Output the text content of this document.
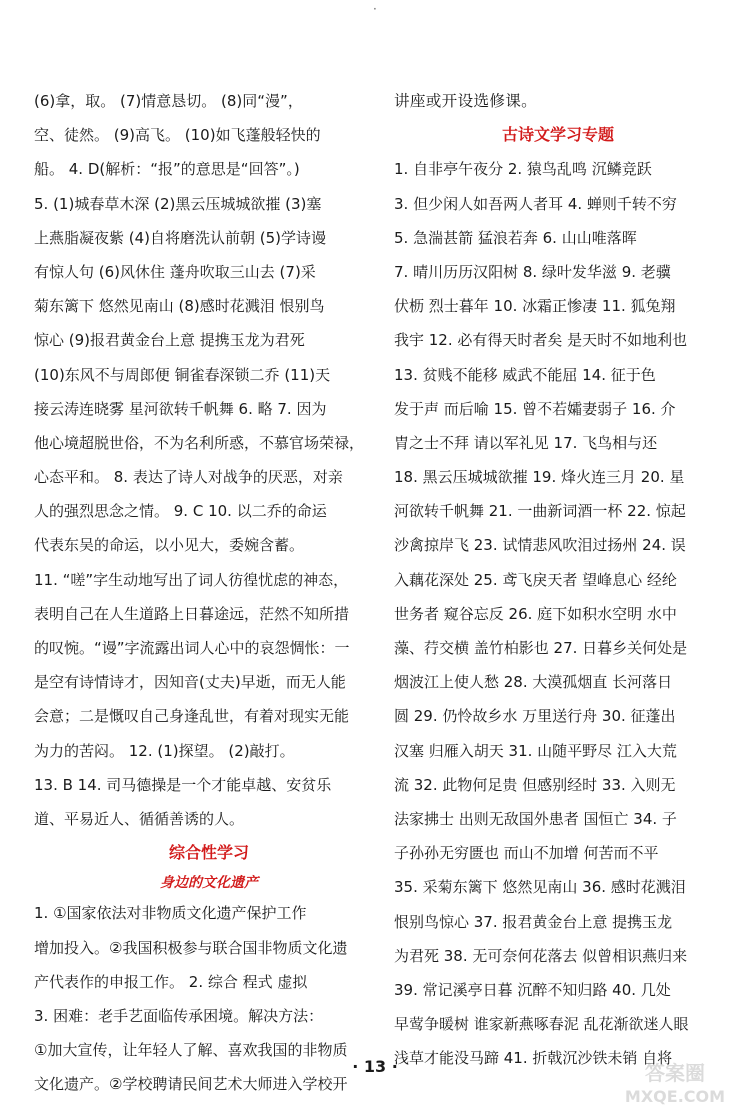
·
(6)拿，取。 (7)情意恳切。 (8)同“漫”，
空、徒然。 (9)高飞。 (10)如飞蓬般轻快的
船。 4. D(解析：“报”的意思是“回答”。)
5. (1)城春草木深 (2)黑云压城城欲摧 (3)塞
上燕脂凝夜紫 (4)自将磨洗认前朝 (5)学诗谩
有惊人句 (6)风休住 蓬舟吹取三山去 (7)采
菊东篱下 悠然见南山 (8)感时花溅泪 恨别鸟
惊心 (9)报君黄金台上意 提携玉龙为君死
(10)东风不与周郎便 铜雀春深锁二乔 (11)天
接云涛连晓雾 星河欲转千帆舞 6. 略 7. 因为
他心境超脱世俗，不为名利所惑，不慕官场荣禄，
心态平和。 8. 表达了诗人对战争的厌恶，对亲
人的强烈思念之情。 9. C 10. 以二乔的命运
代表东吴的命运，以小见大，委婉含蓄。
11. “嗟”字生动地写出了词人彷徨忧虑的神态，
表明自己在人生道路上日暮途远，茫然不知所措
的叹惋。“谩”字流露出词人心中的哀怨惆怅：一
是空有诗情诗才，因知音(丈夫)早逝，而无人能
会意；二是慨叹自己身逢乱世，有着对现实无能
为力的苦闷。 12. (1)探望。 (2)敲打。
13. B 14. 司马德操是一个才能卓越、安贫乐
道、平易近人、循循善诱的人。
综合性学习
身边的文化遗产
1. ①国家依法对非物质文化遗产保护工作
增加投入。②我国积极参与联合国非物质文化遗
产代表作的申报工作。 2. 综合 程式 虚拟
3. 困难：老手艺面临传承困境。解决方法：
①加大宣传，让年轻人了解、喜欢我国的非物质
文化遗产。②学校聘请民间艺术大师进入学校开
讲座或开设选修课。
古诗文学习专题
1. 自非亭午夜分 2. 猿鸟乱鸣 沉鳞竞跃
3. 但少闲人如吾两人者耳 4. 蝉则千转不穷
5. 急湍甚箭 猛浪若奔 6. 山山唯落晖
7. 晴川历历汉阳树 8. 绿叶发华滋 9. 老骥
伏枥 烈士暮年 10. 冰霜正惨凄 11. 狐兔翔
我宇 12. 必有得天时者矣 是天时不如地利也
13. 贫贱不能移 威武不能屈 14. 征于色
发于声 而后喻 15. 曾不若孀妻弱子 16. 介
胄之士不拜 请以军礼见 17. 飞鸟相与还
18. 黑云压城城欲摧 19. 烽火连三月 20. 星
河欲转千帆舞 21. 一曲新词酒一杯 22. 惊起
沙禽掠岸飞 23. 试情悲风吹泪过扬州 24. 误
入藕花深处 25. 鸢飞戾天者 望峰息心 经纶
世务者 窥谷忘反 26. 庭下如积水空明 水中
藻、荇交横 盖竹柏影也 27. 日暮乡关何处是
烟波江上使人愁 28. 大漠孤烟直 长河落日
圆 29. 仍怜故乡水 万里送行舟 30. 征蓬出
汉塞 归雁入胡天 31. 山随平野尽 江入大荒
流 32. 此物何足贵 但感别经时 33. 入则无
法家拂士 出则无敌国外患者 国恒亡 34. 子
子孙孙无穷匮也 而山不加增 何苦而不平
35. 采菊东篱下 悠然见南山 36. 感时花溅泪
恨别鸟惊心 37. 报君黄金台上意 提携玉龙
为君死 38. 无可奈何花落去 似曾相识燕归来
39. 常记溪亭日暮 沉醉不知归路 40. 几处
早莺争暖树 谁家新燕啄春泥 乱花渐欲迷人眼
浅草才能没马蹄 41. 折戟沉沙铁未销 自将
· 13 ·	答案圈
MXQE.COM
